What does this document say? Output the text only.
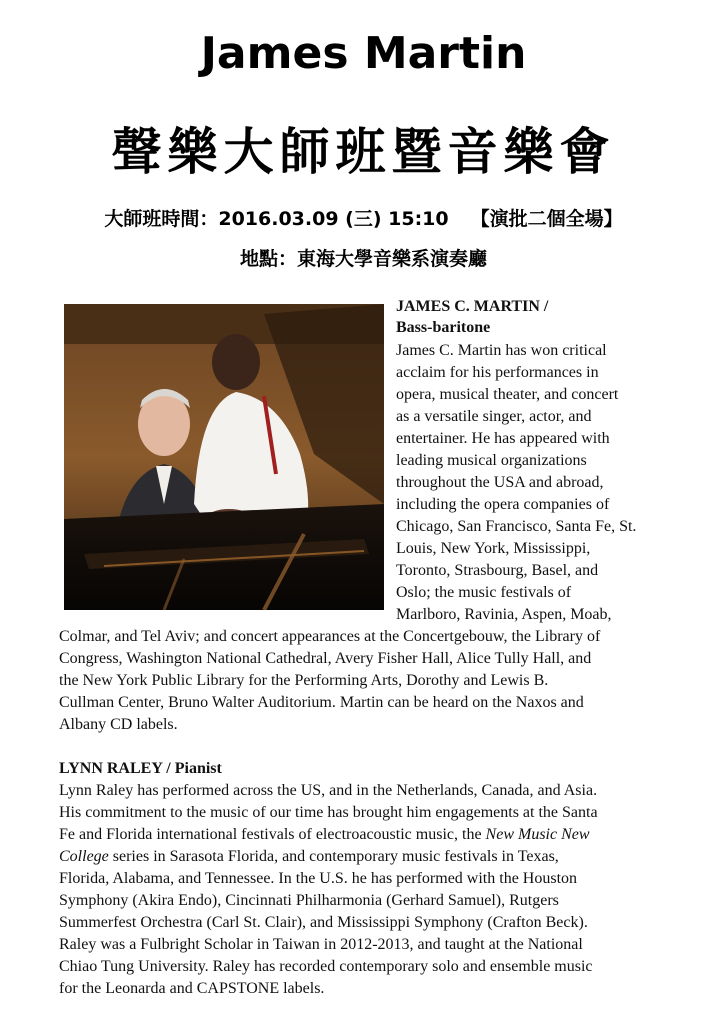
James Martin
聲樂大師班暨音樂會
大師班時間：2016.03.09 (三) 15:10 【演批二個全場】
地點：東海大學音樂系演奏廳
JAMES C. MARTIN /
Bass-baritone
James C. Martin has won critical
acclaim for his performances in
opera, musical theater, and concert
as a versatile singer, actor, and
entertainer. He has appeared with
leading musical organizations
throughout the USA and abroad,
including the opera companies of
Chicago, San Francisco, Santa Fe, St.
Louis, New York, Mississippi,
Toronto, Strasbourg, Basel, and
Oslo; the music festivals of
Marlboro, Ravinia, Aspen, Moab,
Colmar, and Tel Aviv; and concert appearances at the Concertgebouw, the Library of
Congress, Washington National Cathedral, Avery Fisher Hall, Alice Tully Hall, and
the New York Public Library for the Performing Arts, Dorothy and Lewis B.
Cullman Center, Bruno Walter Auditorium. Martin can be heard on the Naxos and
Albany CD labels.
LYNN RALEY / Pianist
Lynn Raley has performed across the US, and in the Netherlands, Canada, and Asia.
His commitment to the music of our time has brought him engagements at the Santa
Fe and Florida international festivals of electroacoustic music, the New Music New
College series in Sarasota Florida, and contemporary music festivals in Texas,
Florida, Alabama, and Tennessee. In the U.S. he has performed with the Houston
Symphony (Akira Endo), Cincinnati Philharmonia (Gerhard Samuel), Rutgers
Summerfest Orchestra (Carl St. Clair), and Mississippi Symphony (Crafton Beck).
Raley was a Fulbright Scholar in Taiwan in 2012-2013, and taught at the National
Chiao Tung University. Raley has recorded contemporary solo and ensemble music
for the Leonarda and CAPSTONE labels.
